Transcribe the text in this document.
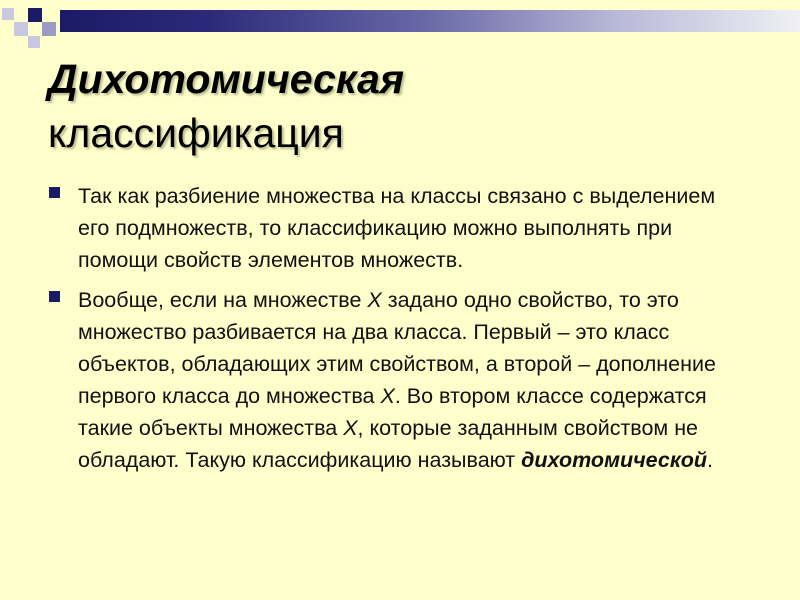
Дихотомическая
классификация
Так как разбиение множества на классы связано с выделением его подмножеств, то классификацию можно выполнять при помощи свойств элементов множеств.
Вообще, если на множестве X задано одно свойство, то это множество разбивается на два класса. Первый – это класс объектов, обладающих этим свойством, а второй – дополнение первого класса до множества X. Во втором классе содержатся такие объекты множества X, которые заданным свойством не обладают. Такую классификацию называют дихотомической.
